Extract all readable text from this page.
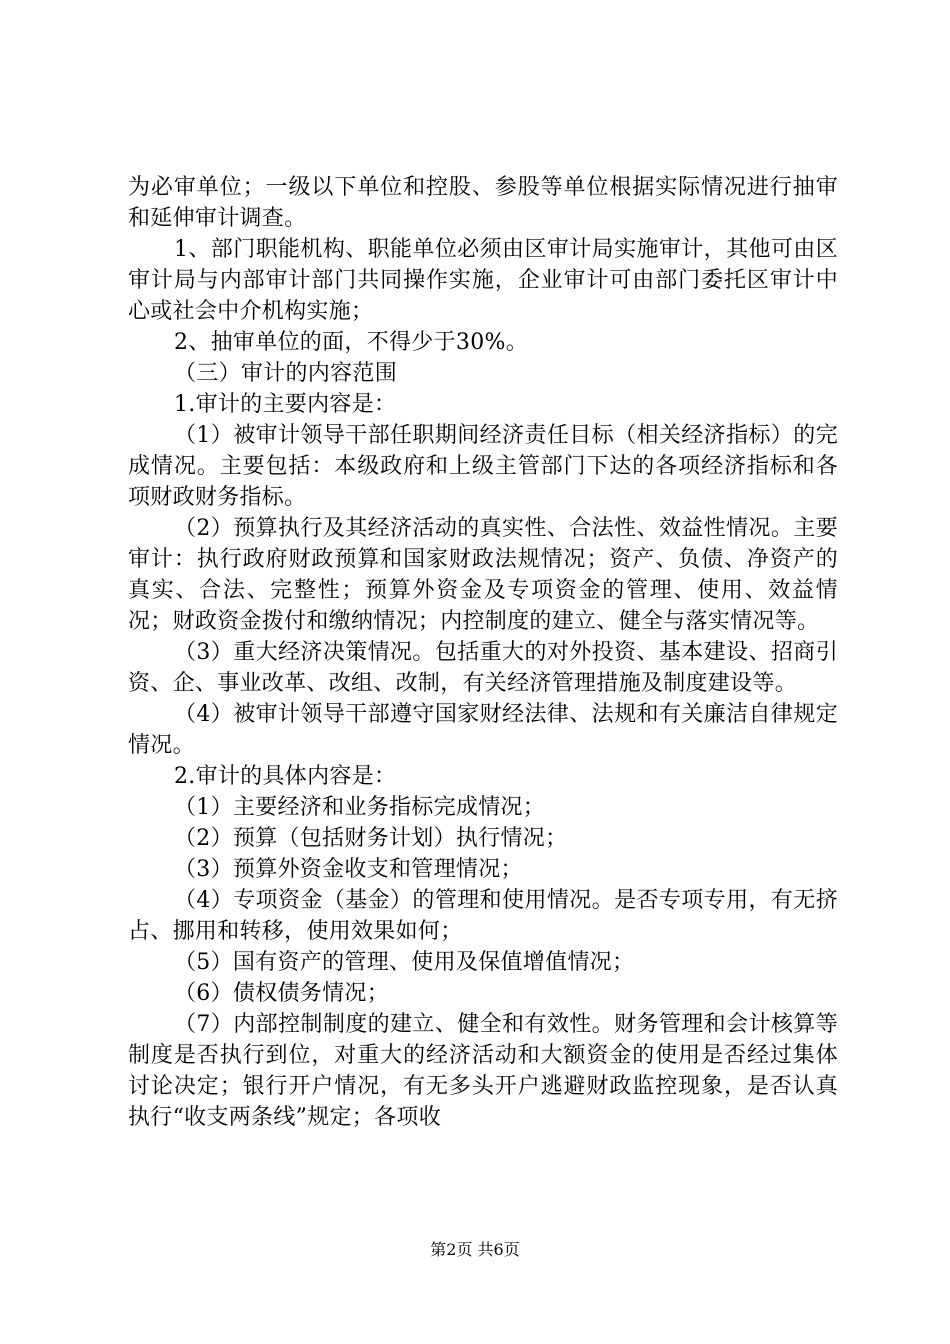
为必审单位；一级以下单位和控股、参股等单位根据实际情况进行抽审和延伸审计调查。

1、部门职能机构、职能单位必须由区审计局实施审计，其他可由区审计局与内部审计部门共同操作实施，企业审计可由部门委托区审计中心或社会中介机构实施；

2、抽审单位的面，不得少于30%。

（三）审计的内容范围

1.审计的主要内容是：

（1）被审计领导干部任职期间经济责任目标（相关经济指标）的完成情况。主要包括：本级政府和上级主管部门下达的各项经济指标和各项财政财务指标。

（2）预算执行及其经济活动的真实性、合法性、效益性情况。主要审计：执行政府财政预算和国家财政法规情况；资产、负债、净资产的真实、合法、完整性；预算外资金及专项资金的管理、使用、效益情况；财政资金拨付和缴纳情况；内控制度的建立、健全与落实情况等。

（3）重大经济决策情况。包括重大的对外投资、基本建设、招商引资、企、事业改革、改组、改制，有关经济管理措施及制度建设等。

（4）被审计领导干部遵守国家财经法律、法规和有关廉洁自律规定情况。

2.审计的具体内容是：

（1）主要经济和业务指标完成情况；

（2）预算（包括财务计划）执行情况；

（3）预算外资金收支和管理情况；

（4）专项资金（基金）的管理和使用情况。是否专项专用，有无挤占、挪用和转移，使用效果如何；

（5）国有资产的管理、使用及保值增值情况；

（6）债权债务情况；

（7）内部控制制度的建立、健全和有效性。财务管理和会计核算等制度是否执行到位，对重大的经济活动和大额资金的使用是否经过集体讨论决定；银行开户情况，有无多头开户逃避财政监控现象，是否认真执行“收支两条线”规定；各项收

第2页 共6页
